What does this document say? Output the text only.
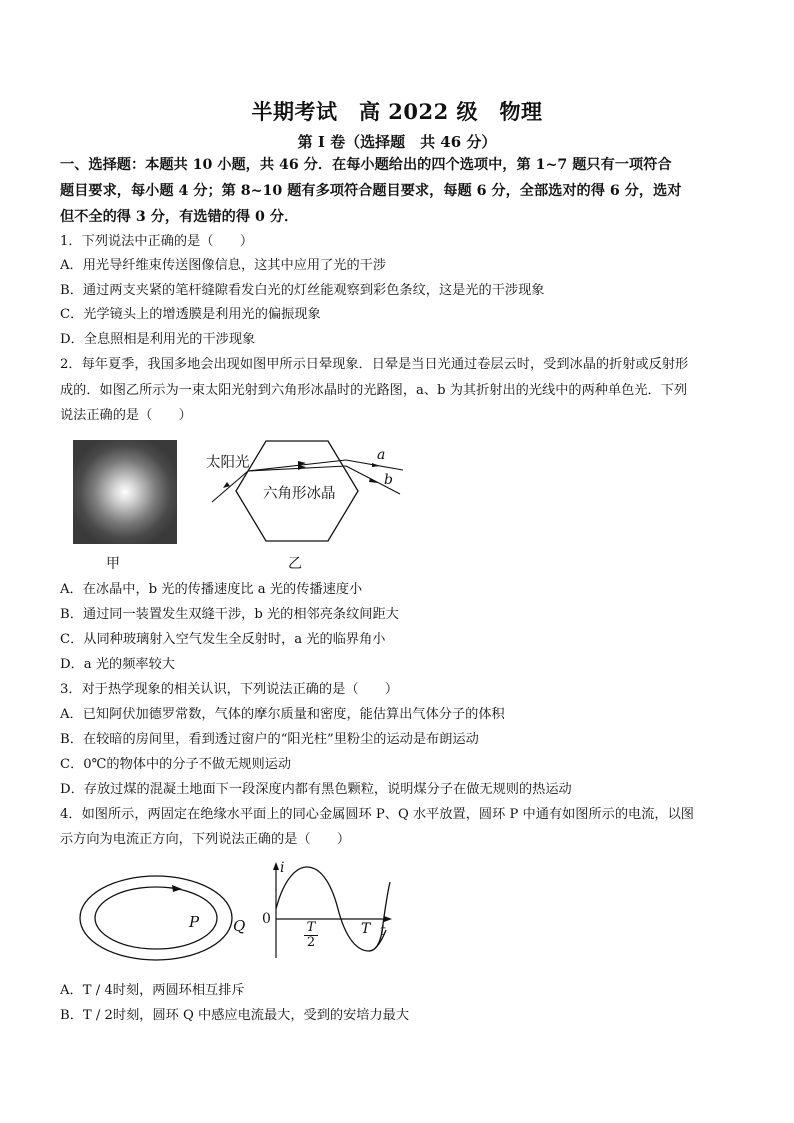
半期考试　高 2022 级　物理
第 I 卷（选择题　共 46 分）
一、选择题：本题共 10 小题，共 46 分．在每小题给出的四个选项中，第 1~7 题只有一项符合
题目要求，每小题 4 分；第 8~10 题有多项符合题目要求，每题 6 分，全部选对的得 6 分，选对
但不全的得 3 分，有选错的得 0 分．
1．下列说法中正确的是（　　）
A．用光导纤维束传送图像信息，这其中应用了光的干涉
B．通过两支夹紧的笔杆缝隙看发白光的灯丝能观察到彩色条纹，这是光的干涉现象
C．光学镜头上的增透膜是利用光的偏振现象
D．全息照相是利用光的干涉现象
2．每年夏季，我国多地会出现如图甲所示日晕现象．日晕是当日光通过卷层云时，受到冰晶的折射或反射形
成的．如图乙所示为一束太阳光射到六角形冰晶时的光路图，a、b 为其折射出的光线中的两种单色光．下列
说法正确的是（　　）
甲
太阳光
六角形冰晶
a
b
乙
A．在冰晶中，b 光的传播速度比 a 光的传播速度小
B．通过同一装置发生双缝干涉，b 光的相邻亮条纹间距大
C．从同种玻璃射入空气发生全反射时，a 光的临界角小
D．a 光的频率较大
3．对于热学现象的相关认识，下列说法正确的是（　　）
A．已知阿伏加德罗常数，气体的摩尔质量和密度，能估算出气体分子的体积
B．在较暗的房间里，看到透过窗户的“阳光柱”里粉尘的运动是布朗运动
C．0℃的物体中的分子不做无规则运动
D．存放过煤的混凝土地面下一段深度内都有黑色颗粒，说明煤分子在做无规则的热运动
4．如图所示，两固定在绝缘水平面上的同心金属圆环 P、Q 水平放置，圆环 P 中通有如图所示的电流，以图
示方向为电流正方向，下列说法正确的是（　　）
P Q
i
0
t
$\frac{T}{2}$	T
A．T / 4时刻，两圆环相互排斥
B．T / 2时刻，圆环 Q 中感应电流最大，受到的安培力最大
